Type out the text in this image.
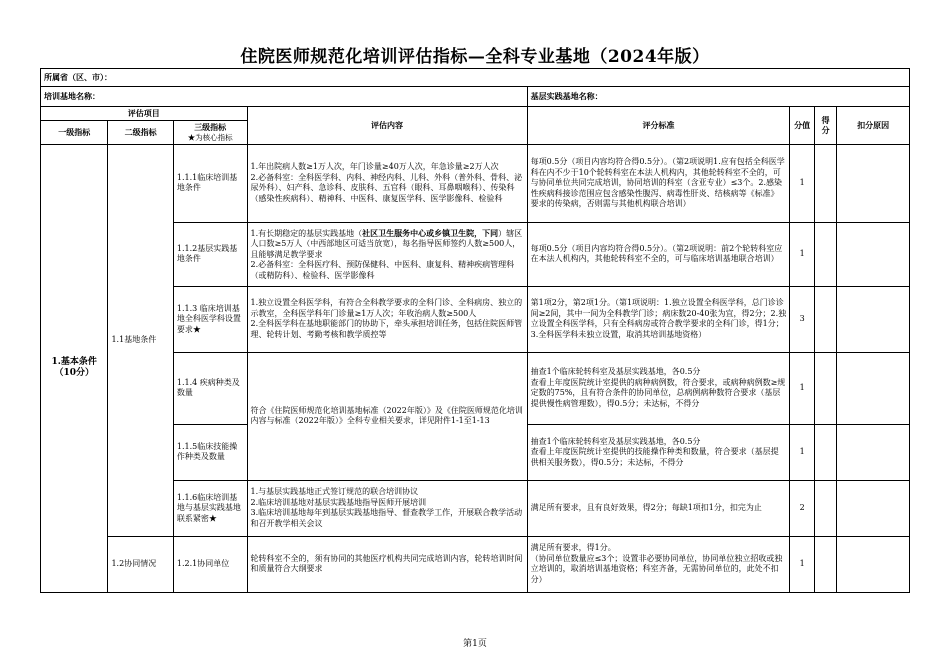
住院医师规范化培训评估指标—全科专业基地（2024年版）
所属省（区、市）：							
培训基地名称：				基层实践基地名称：			
评估项目			评估内容	评分标准	分值	得分	扣分原因
一级指标	二级指标	三级指标
★为核心指标					
1.基本条件
（10分）	1.1基地条件	1.1.1临床培训基地条件	1.年出院病人数≥1万人次，年门诊量≥40万人次，年急诊量≥2万人次
2.必备科室：全科医学科、内科、神经内科、儿科、外科（普外科、骨科、泌尿外科）、妇产科、急诊科、皮肤科、五官科（眼科、耳鼻咽喉科）、传染科（感染性疾病科）、精神科、中医科、康复医学科、医学影像科、检验科	每项0.5分（项目内容均符合得0.5分）。（第2项说明1.应有包括全科医学科在内不少于10个轮转科室在本法人机构内，其他轮转科室不全的，可与协同单位共同完成培训，协同培训的科室（含亚专业）≤3个。2.感染性疾病科接诊范围应包含感染性腹泻、病毒性肝炎、结核病等《标准》要求的传染病，否则需与其他机构联合培训）	1		
		1.1.2基层实践基地条件	1.有长期稳定的基层实践基地（社区卫生服务中心或乡镇卫生院，下同）辖区人口数≥5万人（中西部地区可适当放宽），每名指导医师签约人数≥500人，且能够满足教学要求
2.必备科室：全科医疗科、预防保健科、中医科、康复科、精神疾病管理科（或精防科）、检验科、医学影像科	每项0.5分（项目内容均符合得0.5分）。（第2项说明：前2个轮转科室应在本法人机构内，其他轮转科室不全的，可与临床培训基地联合培训）	1		
		1.1.3 临床培训基地全科医学科设置要求★	1.独立设置全科医学科，有符合全科教学要求的全科门诊、全科病房、独立的示教室，全科医学科年门诊量≥1万人次；年收治病人数≥500人
2.全科医学科在基地职能部门的协助下，牵头承担培训任务，包括住院医师管理、轮转计划、考勤考核和教学质控等	第1项2分，第2项1分。（第1项说明：1.独立设置全科医学科，总门诊诊间≥2间，其中一间为全科教学门诊；病床数20-40张为宜，得2分；2.独立设置全科医学科，只有全科病房或符合教学要求的全科门诊，得1分；3.全科医学科未独立设置，取消其培训基地资格）	3		
		1.1.4 疾病种类及数量	符合《住院医师规范化培训基地标准（2022年版）》及《住院医师规范化培训内容与标准（2022年版）》全科专业相关要求，详见附件1-1至1-13	抽查1个临床轮转科室及基层实践基地，各0.5分
查看上年度医院统计室提供的病种病例数，符合要求，或病种病例数≥规定数的75%，且有符合条件的协同单位，总病例病种数符合要求（基层提供慢性病管理数），得0.5分；未达标，不得分	1		
		1.1.5临床技能操作种类及数量		抽查1个临床轮转科室及基层实践基地，各0.5分
查看上年度医院统计室提供的技能操作种类和数量，符合要求（基层提供相关服务数），得0.5分；未达标，不得分	1		
		1.1.6临床培训基地与基层实践基地联系紧密★	1.与基层实践基地正式签订规范的联合培训协议
2.临床培训基地对基层实践基地指导医师开展培训
3.临床培训基地每年到基层实践基地指导、督查教学工作，开展联合教学活动和召开教学相关会议	满足所有要求，且有良好效果，得2分；每缺1项扣1分，扣完为止	2		
	1.2协同情况	1.2.1协同单位	轮转科室不全的，须有协同的其他医疗机构共同完成培训内容，轮转培训时间和质量符合大纲要求	满足所有要求，得1分。
（协同单位数量应≤3个；设置非必要协同单位，协同单位独立招收或独立培训的，取消培训基地资格；科室齐备，无需协同单位的，此处不扣分）	1		
第1页
